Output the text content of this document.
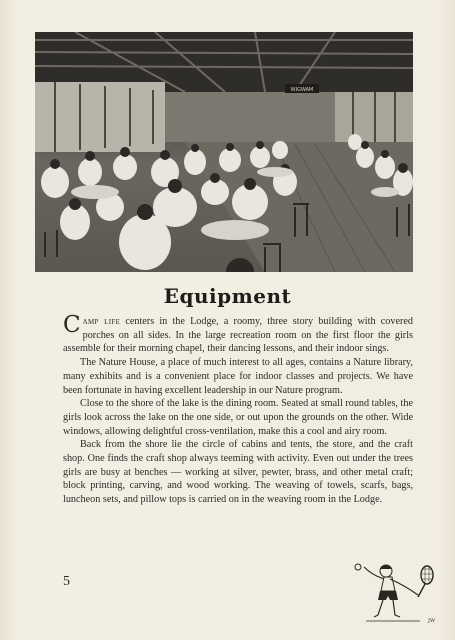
WIGWAM
Equipment

Camp life centers in the Lodge, a roomy, three story building with covered porches on all sides. In the large recreation room on the first floor the girls assemble for their morning chapel, their dancing lessons, and their indoor sings.

The Nature House, a place of much interest to all ages, contains a Nature library, many exhibits and is a convenient place for indoor classes and projects. We have been fortunate in having excellent leadership in our Nature program.

Close to the shore of the lake is the dining room. Seated at small round tables, the girls look across the lake on the one side, or out upon the grounds on the other. Wide windows, allowing delightful cross-ventilation, make this a cool and airy room.

Back from the shore lie the circle of cabins and tents, the store, and the craft shop. One finds the craft shop always teeming with activity. Even out under the trees girls are busy at benches — working at silver, pewter, brass, and other metal craft; block printing, carving, and wood working. The weaving of towels, scarfs, bags, luncheon sets, and pillow tops is carried on in the weaving room in the Lodge.

5
JW
